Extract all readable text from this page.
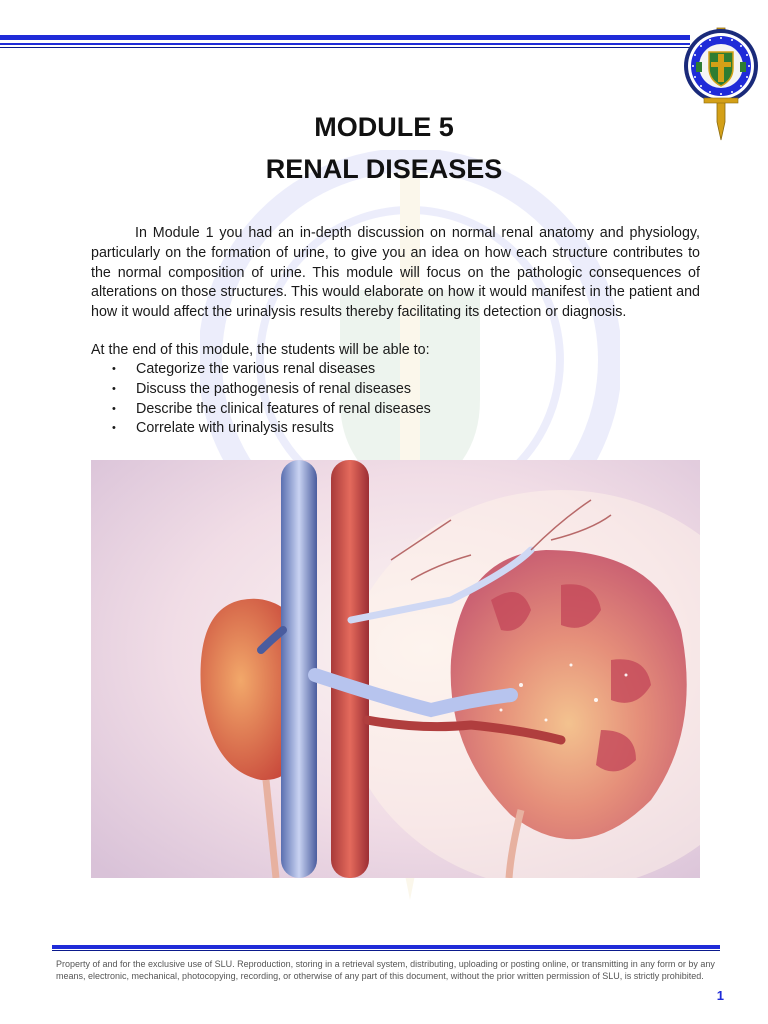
MODULE 5
RENAL DISEASES

In Module 1 you had an in-depth discussion on normal renal anatomy and physiology, particularly on the formation of urine, to give you an idea on how each structure contributes to the normal composition of urine. This module will focus on the pathologic consequences of alterations on those structures. This would elaborate on how it would manifest in the patient and how it would affect the urinalysis results thereby facilitating its detection or diagnosis.

At the end of this module, the students will be able to:

• Categorize the various renal diseases
• Discuss the pathogenesis of renal diseases
• Describe the clinical features of renal diseases
• Correlate with urinalysis results

Property of and for the exclusive use of SLU. Reproduction, storing in a retrieval system, distributing, uploading or posting online, or transmitting in any form or by any means, electronic, mechanical, photocopying, recording, or otherwise of any part of this document, without the prior written permission of SLU, is strictly prohibited.

1
